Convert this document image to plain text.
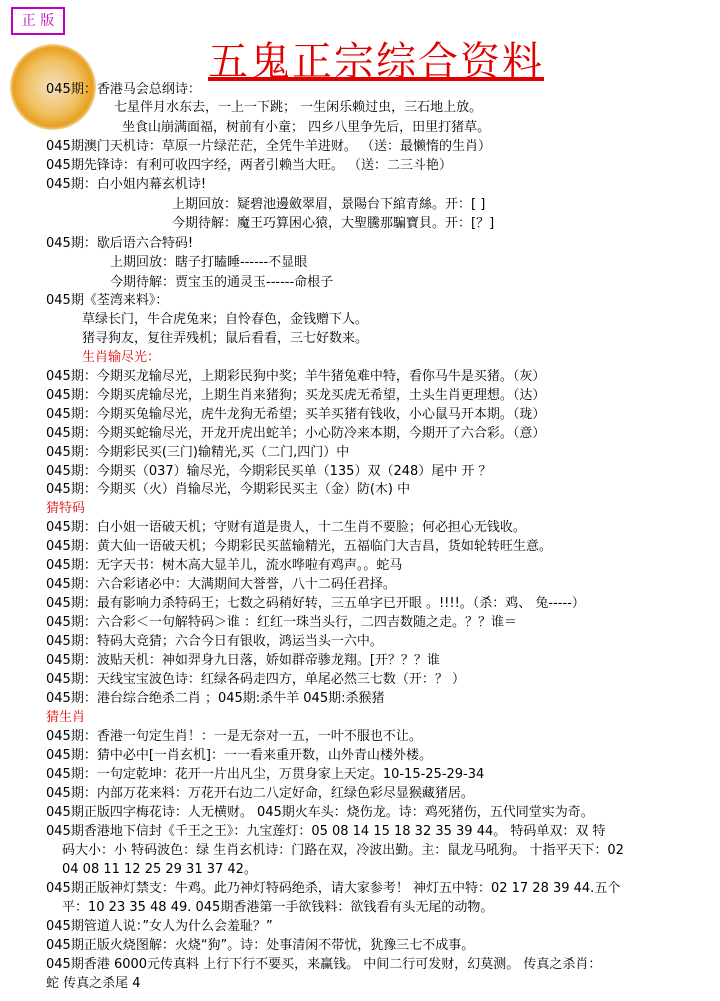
正 版
五鬼正宗综合资料
045期：香港马会总纲诗：
七星伴月水东去，一上一下跳； 一生闲乐赖过虫，三石地上放。
坐食山崩满面福，树前有小童； 四乡八里争先后，田里打猪草。
045期澳门天机诗：草原一片绿茫茫，全凭牛羊进财。 （送：最懒惰的生肖）
045期先锋诗：有利可收四字经，两者引赖当大旺。 （送：二三斗艳）
045期：白小姐内幕玄机诗!
上期回放：疑碧池邊斂翠眉，景陽台下綰青絲。开：[ ]
今期待解：魔王巧算困心猿，大聖騰那騙寶貝。开：[？]
045期：歇后语六合特码!
上期回放：瞎子打瞌睡------不显眼
今期待解：贾宝玉的通灵玉------命根子
045期《荃湾来料》：
草绿长门，牛合虎兔来；自怜春色，金钱赠下人。
猪寻狗友，复往弄残机；鼠后看看，三七好数来。
生肖输尽光：
045期：今期买龙输尽光，上期彩民狗中奖；羊牛猪兔难中特，看你马牛是买猪。（灰）
045期：今期买虎输尽光，上期生肖来猪狗；买龙买虎无希望，土头生肖更理想。（达）
045期：今期买兔输尽光，虎牛龙狗无希望；买羊买猪有钱收，小心鼠马开本期。（珑）
045期：今期买蛇输尽光，开龙开虎出蛇羊；小心防冷来本期，今期开了六合彩。（意）
045期：今期彩民买(三门)输精光,买（二门,四门）中
045期：今期买（037）输尽光，今期彩民买单（135）双（248）尾中 开 ？
045期：今期买（火）肖输尽光，今期彩民买主（金）防(木) 中
猜特码
045期：白小姐一语破天机；守财有道是贵人，十二生肖不要脸；何必担心无钱收。
045期：黄大仙一语破天机；今期彩民买蓝输精光，五福临门大吉昌，货如轮转旺生意。
045期：无字天书：树木高大显羊儿，流水哗啦有鸡声。。蛇马
045期：六合彩诸必中：大满期间大誉誉，八十二码任君择。
045期：最有影响力杀特码王；七数之码稍好转，三五单字已开眼 。!!!!。（杀：鸡、 兔-----）
045期：六合彩＜一句解特码＞谁 ：红红一珠当头行，二四吉数随之走。？？谁＝
045期：特码大竞猜；六合今日有银收，鸿运当头一六中。
045期：波贴天机：神如羿身九日落，娇如群帝骖龙翔。[开？？？谁
045期：天线宝宝波色诗：红绿各码走四方，单尾必然三七数（开：？ ）
045期：港台综合绝杀二肖 ；045期:杀牛羊 045期:杀猴猪
猜生肖
045期：香港一句定生肖！：一是无奈对一五，一叶不服也不让。
045期：猜中必中[一肖玄机]：一一看来重开数，山外青山楼外楼。
045期：一句定乾坤：花开一片出凡尘，万贯身家上天定。10-15-25-29-34
045期：内部万花来料：万花开右边二八定好命，红绿色彩尽显猴藏猪居。
045期正版四字梅花诗：人无横财。 045期火车头：烧伤龙。诗：鸡死猪伤，五代同堂实为奇。
045期香港地下信封《千王之王》：九宝莲灯：05 08 14 15 18 32 35 39 44。 特码单双：双 特
码大小：小 特码波色：绿 生肖玄机诗：门路在双，冷波出勤。主：鼠龙马吼狗。 十指平天下：02
04 08 11 12 25 29 31 37 42。
045期正版神灯禁支：牛鸡。此乃神灯特码绝杀，请大家参考！ 神灯五中特：02 17 28 39 44.五个
平：10 23 35 48 49. 045期香港第一手欲钱料：欲钱看有头无尾的动物。
045期管道人说：”女人为什么会羞耻？”
045期正版火烧图解：火烧“狗”。诗：处事清闲不带忧，犹豫三七不成事。
045期香港 6000元传真料 上行下行不要买，来赢钱。 中间二行可发财，幻莫测。 传真之杀肖：
蛇 传真之杀尾 4
